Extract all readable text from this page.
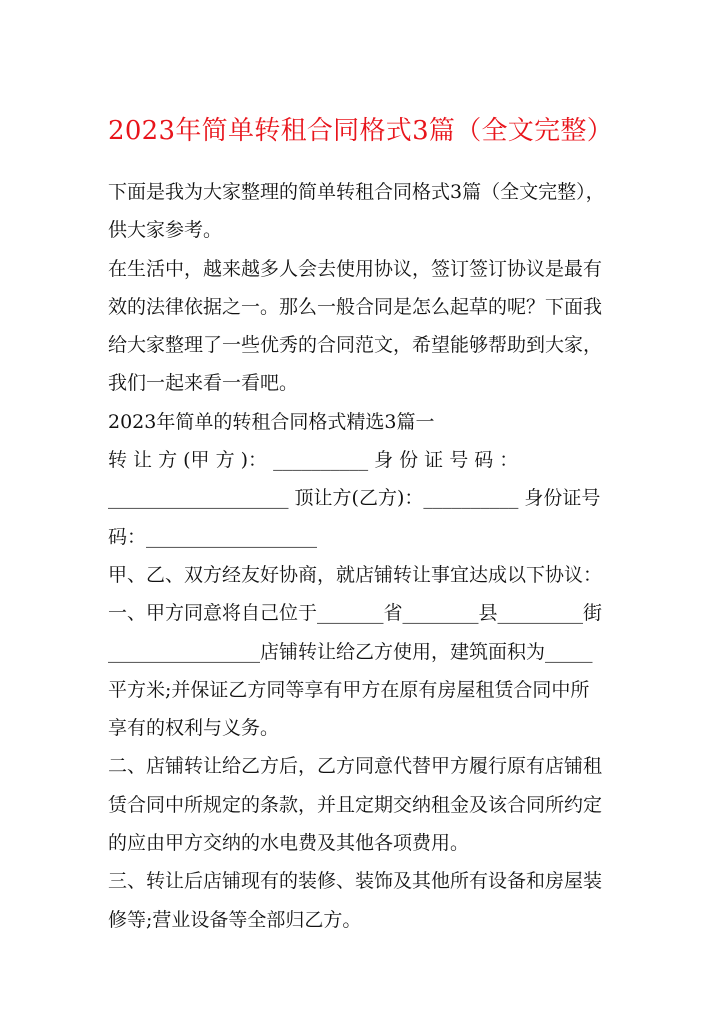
2023年简单转租合同格式3篇（全文完整）
下面是我为大家整理的简单转租合同格式3篇（全文完整），
供大家参考。
在生活中，越来越多人会去使用协议，签订签订协议是最有
效的法律依据之一。那么一般合同是怎么起草的呢？下面我
给大家整理了一些优秀的合同范文，希望能够帮助到大家，
我们一起来看一看吧。
2023年简单的转租合同格式精选3篇一
转 让 方 (甲 方 )： __________ 身 份 证 号 码 ：
___________________ 顶让方(乙方)：__________ 身份证号
码：__________________
甲、乙、双方经友好协商，就店铺转让事宜达成以下协议：
一、甲方同意将自己位于_______省________县_________街
________________店铺转让给乙方使用，建筑面积为_____
平方米;并保证乙方同等享有甲方在原有房屋租赁合同中所
享有的权利与义务。
二、店铺转让给乙方后，乙方同意代替甲方履行原有店铺租
赁合同中所规定的条款，并且定期交纳租金及该合同所约定
的应由甲方交纳的水电费及其他各项费用。
三、转让后店铺现有的装修、装饰及其他所有设备和房屋装
修等;营业设备等全部归乙方。
